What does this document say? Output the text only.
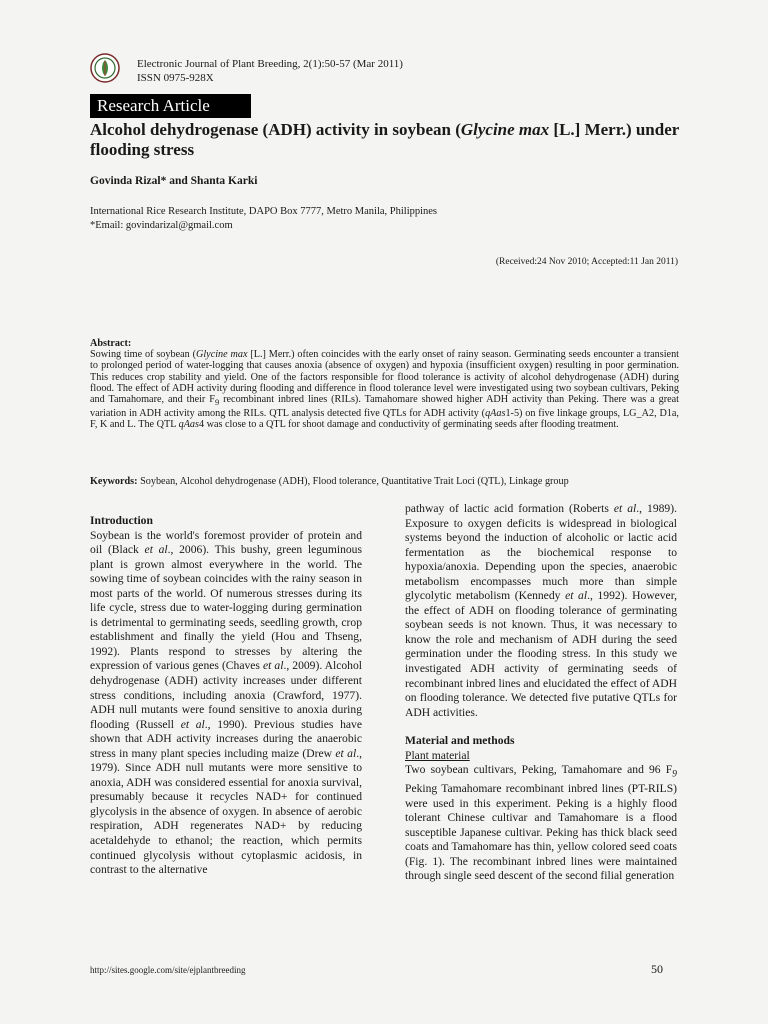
Electronic Journal of Plant Breeding, 2(1):50-57 (Mar 2011)
ISSN 0975-928X
Research Article
Alcohol dehydrogenase (ADH) activity in soybean (Glycine max [L.] Merr.) under flooding stress
Govinda Rizal* and Shanta Karki
International Rice Research Institute, DAPO Box 7777, Metro Manila, Philippines
*Email: govindarizal@gmail.com
(Received:24 Nov 2010; Accepted:11 Jan 2011)
Abstract:
Sowing time of soybean (Glycine max [L.] Merr.) often coincides with the early onset of rainy season. Germinating seeds encounter a transient to prolonged period of water-logging that causes anoxia (absence of oxygen) and hypoxia (insufficient oxygen) resulting in poor germination. This reduces crop stability and yield. One of the factors responsible for flood tolerance is activity of alcohol dehydrogenase (ADH) during flood. The effect of ADH activity during flooding and difference in flood tolerance level were investigated using two soybean cultivars, Peking and Tamahomare, and their $F_9$ recombinant inbred lines (RILs). Tamahomare showed higher ADH activity than Peking. There was a great variation in ADH activity among the RILs. QTL analysis detected five QTLs for ADH activity (qAas1-5) on five linkage groups, LG_A2, D1a, F, K and L. The QTL qAas4 was close to a QTL for shoot damage and conductivity of germinating seeds after flooding treatment.
Keywords: Soybean, Alcohol dehydrogenase (ADH), Flood tolerance, Quantitative Trait Loci (QTL), Linkage group
Introduction

Soybean is the world's foremost provider of protein and oil (Black et al., 2006). This bushy, green leguminous plant is grown almost everywhere in the world. The sowing time of soybean coincides with the rainy season in most parts of the world. Of numerous stresses during its life cycle, stress due to water-logging during germination is detrimental to germinating seeds, seedling growth, crop establishment and finally the yield (Hou and Thseng, 1992). Plants respond to stresses by altering the expression of various genes (Chaves et al., 2009). Alcohol dehydrogenase (ADH) activity increases under different stress conditions, including anoxia (Crawford, 1977). ADH null mutants were found sensitive to anoxia during flooding (Russell et al., 1990). Previous studies have shown that ADH activity increases during the anaerobic stress in many plant species including maize (Drew et al., 1979). Since ADH null mutants were more sensitive to anoxia, ADH was considered essential for anoxia survival, presumably because it recycles NAD+ for continued glycolysis in the absence of oxygen. In absence of aerobic respiration, ADH regenerates NAD+ by reducing acetaldehyde to ethanol; the reaction, which permits continued glycolysis without cytoplasmic acidosis, in contrast to the alternative

pathway of lactic acid formation (Roberts et al., 1989). Exposure to oxygen deficits is widespread in biological systems beyond the induction of alcoholic or lactic acid fermentation as the biochemical response to hypoxia/anoxia. Depending upon the species, anaerobic metabolism encompasses much more than simple glycolytic metabolism (Kennedy et al., 1992). However, the effect of ADH on flooding tolerance of germinating soybean seeds is not known. Thus, it was necessary to know the role and mechanism of ADH during the seed germination under the flooding stress. In this study we investigated ADH activity of germinating seeds of recombinant inbred lines and elucidated the effect of ADH on flooding tolerance. We detected five putative QTLs for ADH activities.

Material and methods
Plant material

Two soybean cultivars, Peking, Tamahomare and 96 $F_9$ Peking Tamahomare recombinant inbred lines (PT-RILS) were used in this experiment. Peking is a highly flood tolerant Chinese cultivar and Tamahomare is a flood susceptible Japanese cultivar. Peking has thick black seed coats and Tamahomare has thin, yellow colored seed coats (Fig. 1). The recombinant inbred lines were maintained through single seed descent of the second filial generation

http://sites.google.com/site/ejplantbreeding	50
